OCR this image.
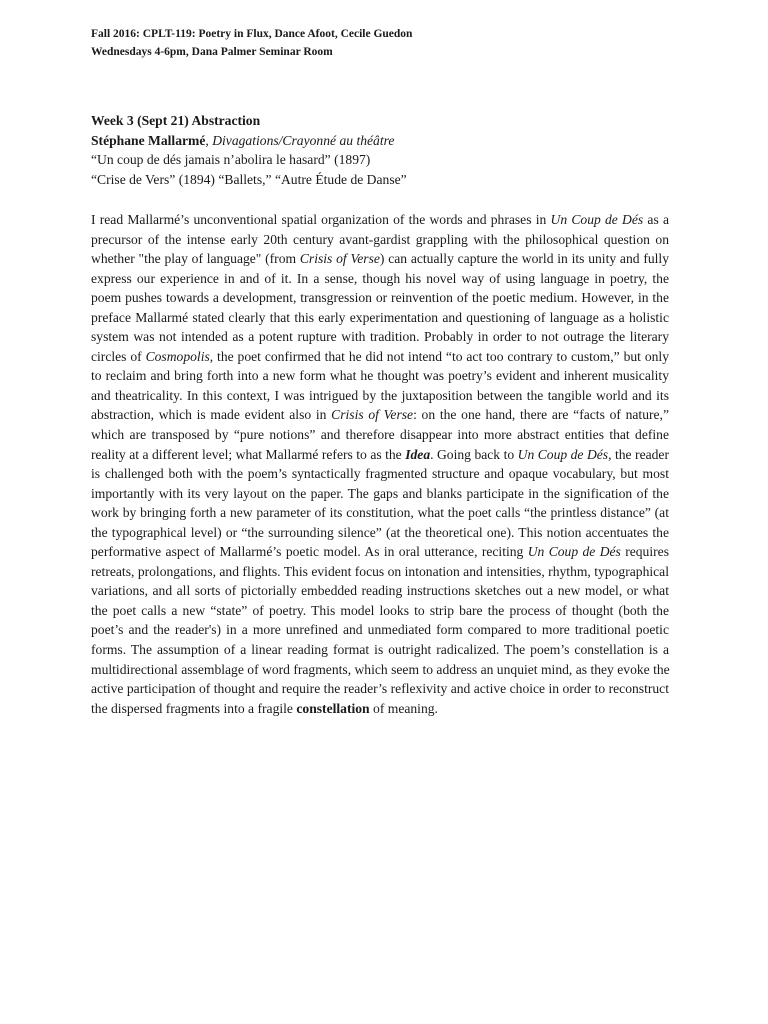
Fall 2016: CPLT-119: Poetry in Flux, Dance Afoot, Cecile Guedon
Wednesdays 4-6pm, Dana Palmer Seminar Room
Week 3 (Sept 21) Abstraction
Stéphane Mallarmé, Divagations/Crayonné au théâtre
“Un coup de dés jamais n’abolira le hasard” (1897)
“Crise de Vers” (1894) “Ballets,” “Autre Étude de Danse”
I read Mallarmé’s unconventional spatial organization of the words and phrases in Un Coup de Dés as a
precursor of the intense early 20th century avant-gardist grappling with the philosophical question on
whether "the play of language" (from Crisis of Verse) can actually capture the world in its unity and fully
express our experience in and of it. In a sense, though his novel way of using language in poetry, the
poem pushes towards a development, transgression or reinvention of the poetic medium. However, in the
preface Mallarmé stated clearly that this early experimentation and questioning of language as a holistic
system was not intended as a potent rupture with tradition. Probably in order to not outrage the literary
circles of Cosmopolis, the poet confirmed that he did not intend “to act too contrary to custom,” but only
to reclaim and bring forth into a new form what he thought was poetry’s evident and inherent musicality
and theatricality. In this context, I was intrigued by the juxtaposition between the tangible world and its
abstraction, which is made evident also in Crisis of Verse: on the one hand, there are “facts of nature,”
which are transposed by “pure notions” and therefore disappear into more abstract entities that define
reality at a different level; what Mallarmé refers to as the Idea. Going back to Un Coup de Dés, the reader
is challenged both with the poem’s syntactically fragmented structure and opaque vocabulary, but most
importantly with its very layout on the paper. The gaps and blanks participate in the signification of the
work by bringing forth a new parameter of its constitution, what the poet calls “the printless distance” (at
the typographical level) or “the surrounding silence” (at the theoretical one). This notion accentuates the
performative aspect of Mallarmé’s poetic model. As in oral utterance, reciting Un Coup de Dés requires
retreats, prolongations, and flights. This evident focus on intonation and intensities, rhythm, typographical
variations, and all sorts of pictorially embedded reading instructions sketches out a new model, or what
the poet calls a new “state” of poetry. This model looks to strip bare the process of thought (both the
poet’s and the reader's) in a more unrefined and unmediated form compared to more traditional poetic
forms. The assumption of a linear reading format is outright radicalized. The poem’s constellation is a
multidirectional assemblage of word fragments, which seem to address an unquiet mind, as they evoke the
active participation of thought and require the reader’s reflexivity and active choice in order to reconstruct
the dispersed fragments into a fragile constellation of meaning.
